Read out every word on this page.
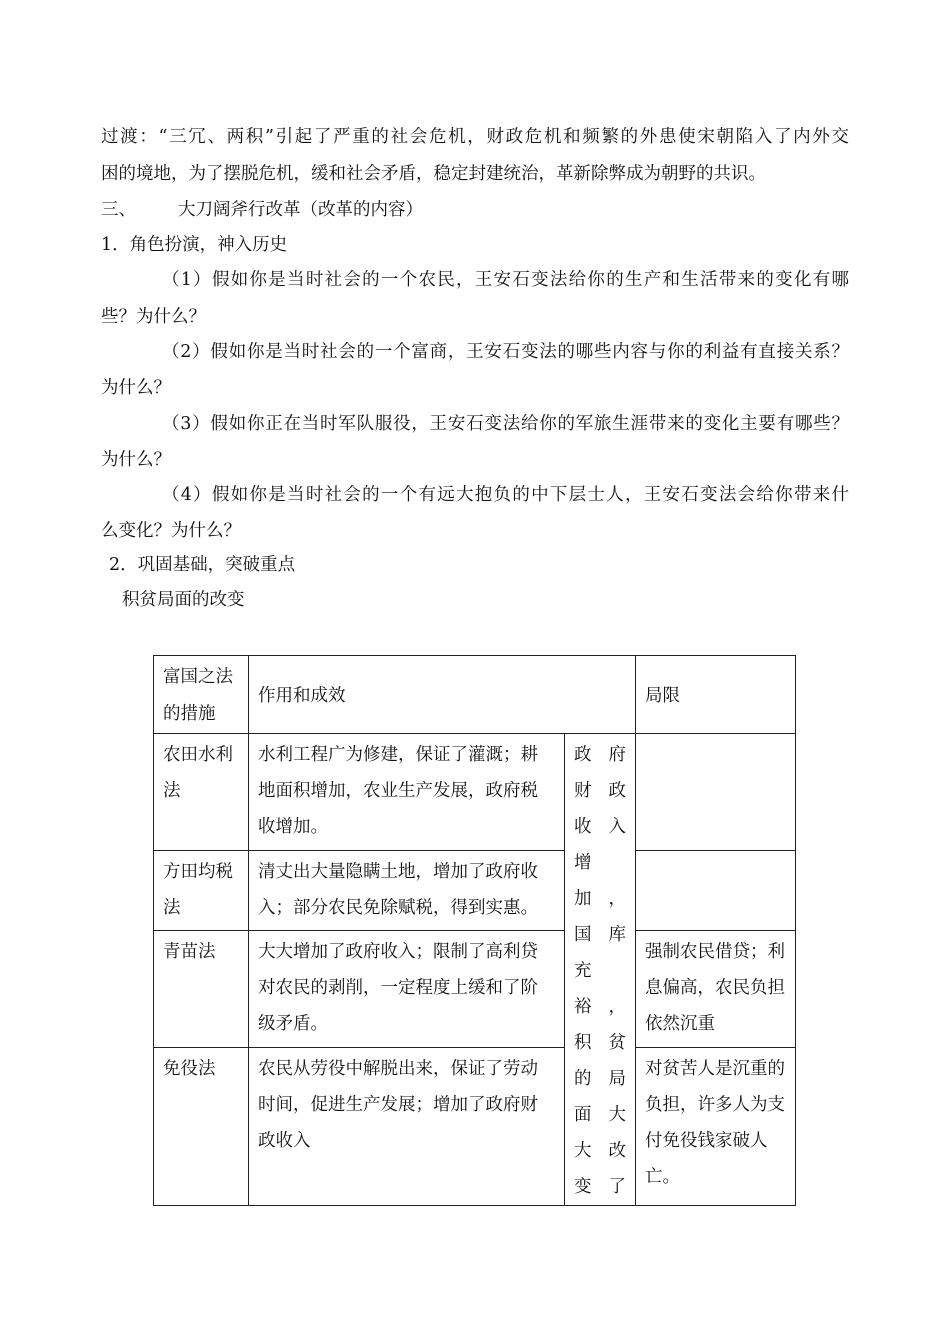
过渡：“三冗、两积”引起了严重的社会危机，财政危机和频繁的外患使宋朝陷入了内外交
困的境地，为了摆脱危机，缓和社会矛盾，稳定封建统治，革新除弊成为朝野的共识。
三、 大刀阔斧行改革（改革的内容）
1．角色扮演，神入历史
（1）假如你是当时社会的一个农民，王安石变法给你的生产和生活带来的变化有哪
些？为什么？
（2）假如你是当时社会的一个富商，王安石变法的哪些内容与你的利益有直接关系？
为什么？
（3）假如你正在当时军队服役，王安石变法给你的军旅生涯带来的变化主要有哪些？
为什么？
（4）假如你是当时社会的一个有远大抱负的中下层士人，王安石变法会给你带来什
么变化？为什么？
2．巩固基础，突破重点
积贫局面的改变
富国之法的措施	作用和成效		局限
农田水利法	水利工程广为修建，保证了灌溉；耕地面积增加，农业生产发展，政府税收增加。	政府财政收入增加，国库充裕，积贫的局面大大改变了	
方田均税法	清丈出大量隐瞒土地，增加了政府收入；部分农民免除赋税，得到实惠。		
青苗法	大大增加了政府收入；限制了高利贷对农民的剥削，一定程度上缓和了阶级矛盾。		强制农民借贷；利息偏高，农民负担依然沉重
免役法	农民从劳役中解脱出来，保证了劳动时间，促进生产发展；增加了政府财政收入		对贫苦人是沉重的负担，许多人为支付免役钱家破人亡。
